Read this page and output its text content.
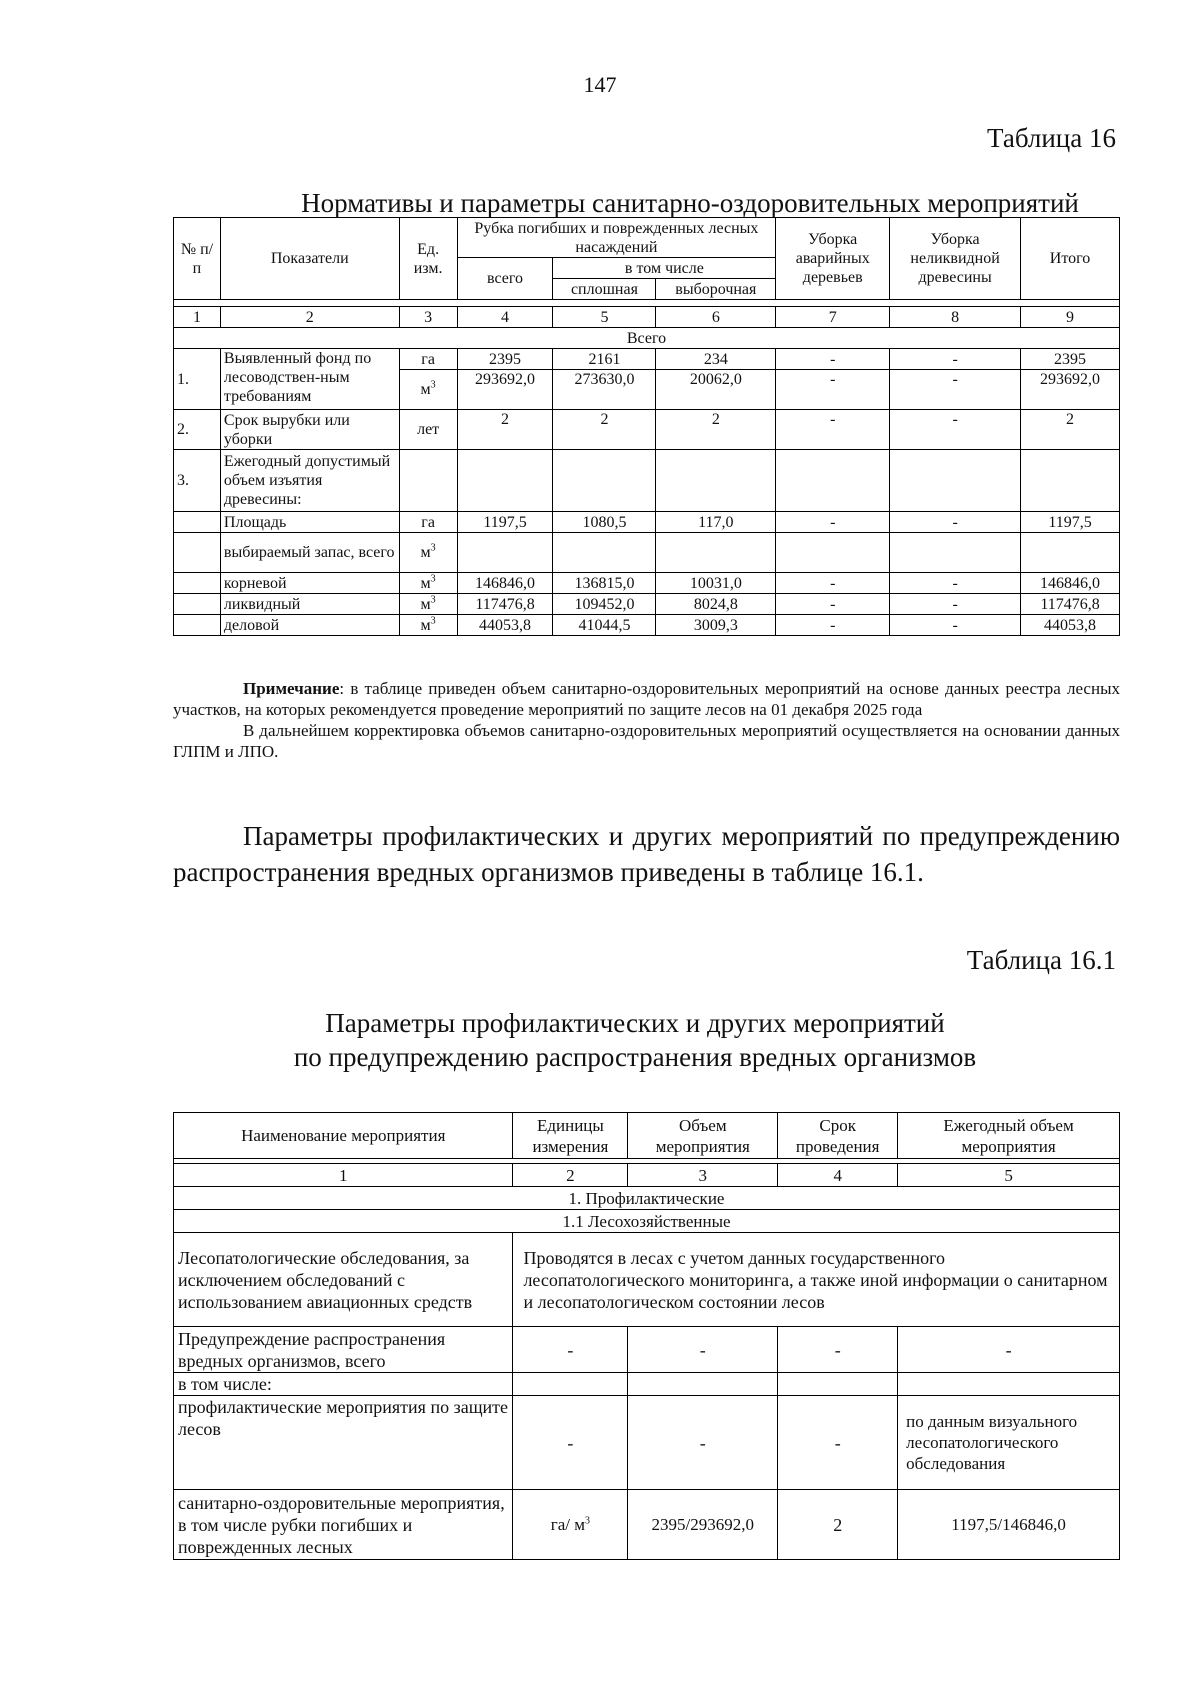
147
Таблица 16
Нормативы и параметры санитарно-оздоровительных мероприятий
№ п/п	Показатели	Ед. изм.	Рубка погибших и поврежденных лесных насаждений			Уборка аварийных деревьев	Уборка неликвидной древесины	Итого
			всего	в том числе				
				сплошная	выборочная			

1	2	3	4	5	6	7	8	9
Всего								
1.	Выявленный фонд по лесоводствен-ным требованиям	га	2395	2161	234	-	-	2395
		$м^3$	293692,0	273630,0	20062,0	-	-	293692,0
2.	Срок вырубки или уборки	лет	2	2	2	-	-	2
3.	Ежегодный допустимый объем изъятия древесины:							
	Площадь	га	1197,5	1080,5	117,0	-	-	1197,5
	выбираемый запас, всего	$м^3$						
	корневой	$м^3$	146846,0	136815,0	10031,0	-	-	146846,0
	ликвидный	$м^3$	117476,8	109452,0	8024,8	-	-	117476,8
	деловой	$м^3$	44053,8	41044,5	3009,3	-	-	44053,8

Примечание: в таблице приведен объем санитарно-оздоровительных мероприятий на основе данных реестра лесных участков, на которых рекомендуется проведение мероприятий по защите лесов на 01 декабря 2025 года

В дальнейшем корректировка объемов санитарно-оздоровительных мероприятий осуществляется на основании данных ГЛПМ и ЛПО.

Параметры профилактических и других мероприятий по предупреждению распространения вредных организмов приведены в таблице 16.1.

Таблица 16.1
Параметры профилактических и других мероприятий
по предупреждению распространения вредных организмов
Наименование мероприятия	Единицы измерения	Объем мероприятия	Срок проведения	Ежегодный объем мероприятия

1	2	3	4	5
1. Профилактические				
1.1 Лесохозяйственные				
Лесопатологические обследования, за исключением обследований с использованием авиационных средств	Проводятся в лесах с учетом данных государственного лесопатологического мониторинга, а также иной информации о санитарном и лесопатологическом состоянии лесов			
Предупреждение распространения вредных организмов, всего	-	-	-	-
в том числе:				
профилактические мероприятия по защите лесов	-	-	-	по данным визуального лесопатологического обследования
санитарно-оздоровительные мероприятия, в том числе рубки погибших и поврежденных лесных	га/ $м^3$	2395/293692,0	2	1197,5/146846,0
